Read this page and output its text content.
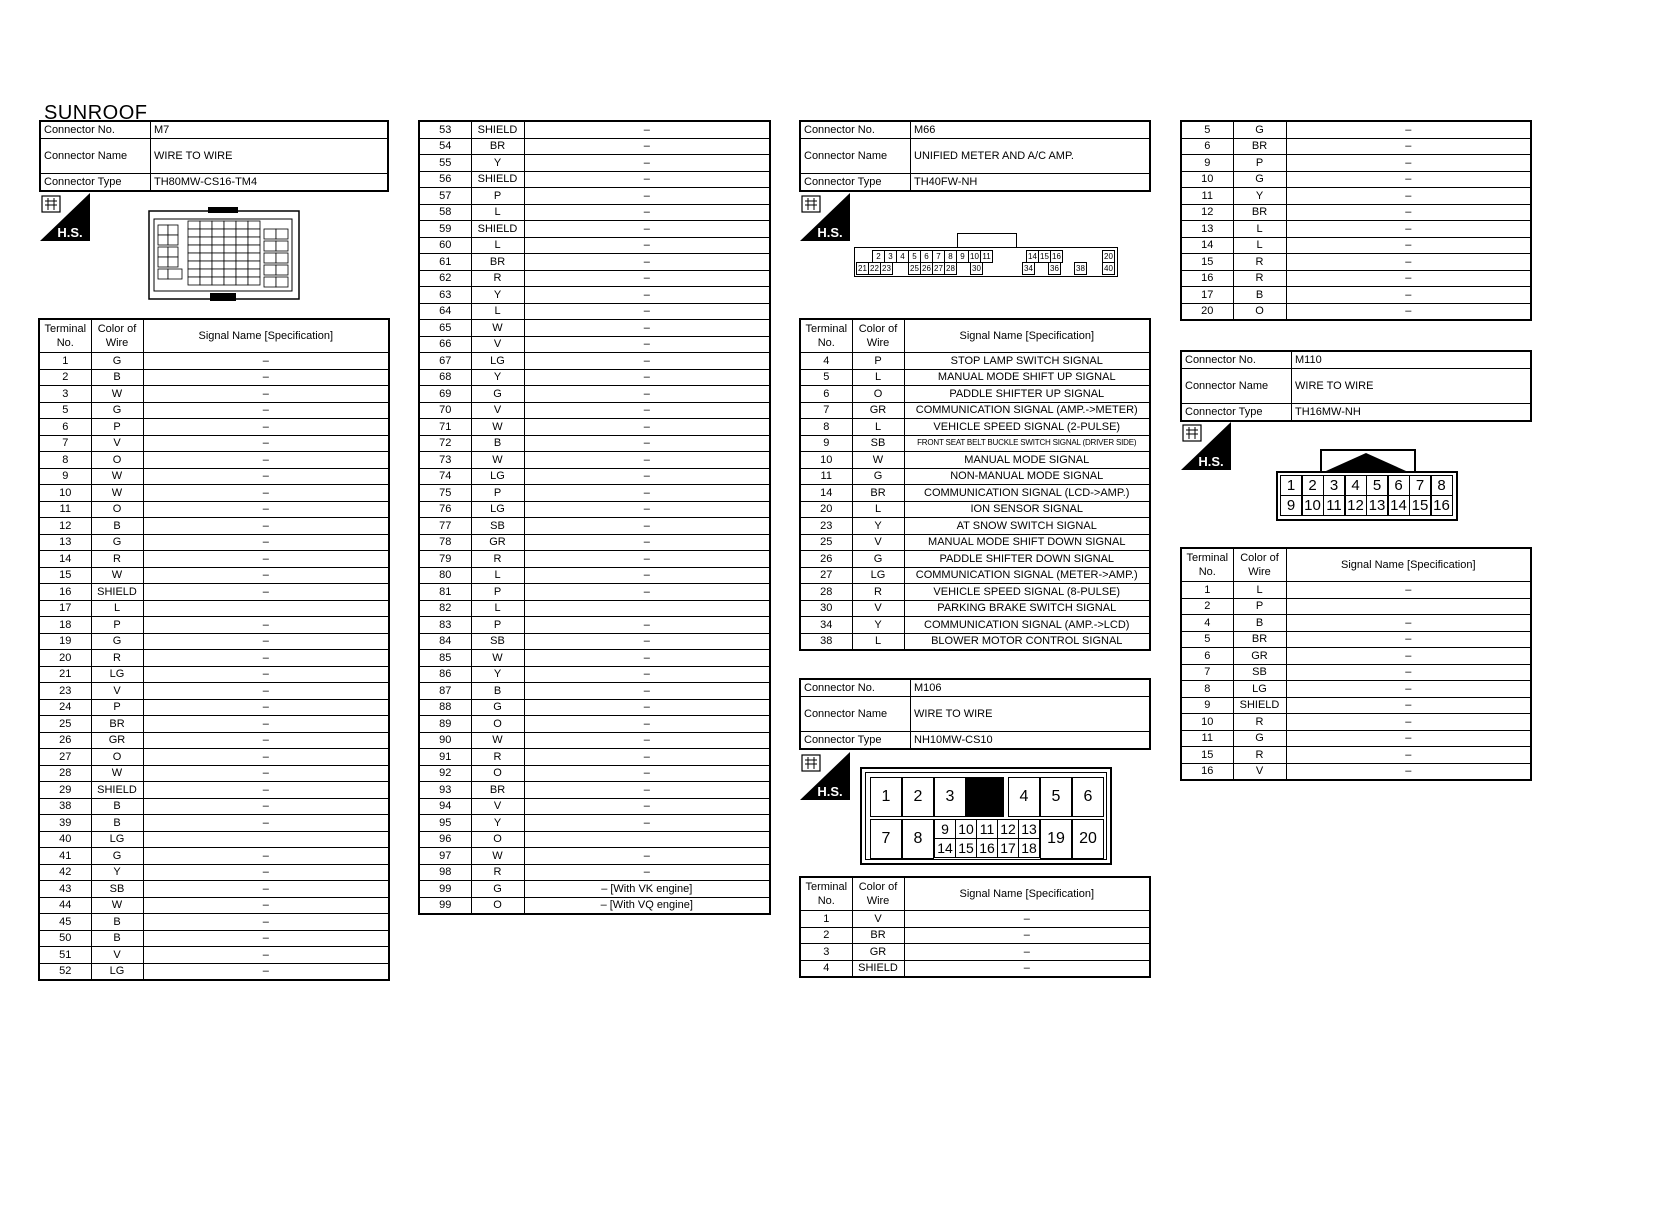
SUNROOF
Connector No.	M7
Connector Name	WIRE TO WIRE
Connector Type	TH80MW-CS16-TM4
H.S.
Terminal No.	Color of Wire	Signal Name [Specification]
1	G	–
2	B	–
3	W	–
5	G	–
6	P	–
7	V	–
8	O	–
9	W	–
10	W	–
11	O	–
12	B	–
13	G	–
14	R	–
15	W	–
16	SHIELD	–
17	L	
18	P	–
19	G	–
20	R	–
21	LG	–
23	V	–
24	P	–
25	BR	–
26	GR	–
27	O	–
28	W	–
29	SHIELD	–
38	B	–
39	B	–
40	LG	
41	G	–
42	Y	–
43	SB	–
44	W	–
45	B	–
50	B	–
51	V	–
52	LG	–
53	SHIELD	–
54	BR	–
55	Y	–
56	SHIELD	–
57	P	–
58	L	–
59	SHIELD	–
60	L	–
61	BR	–
62	R	–
63	Y	–
64	L	–
65	W	–
66	V	–
67	LG	–
68	Y	–
69	G	–
70	V	–
71	W	–
72	B	–
73	W	–
74	LG	–
75	P	–
76	LG	–
77	SB	–
78	GR	–
79	R	–
80	L	–
81	P	–
82	L	
83	P	–
84	SB	–
85	W	–
86	Y	–
87	B	–
88	G	–
89	O	–
90	W	–
91	R	–
92	O	–
93	BR	–
94	V	–
95	Y	–
96	O	
97	W	–
98	R	–
99	G	– [With VK engine]
99	O	– [With VQ engine]
Connector No.	M66
Connector Name	UNIFIED METER AND A/C AMP.
Connector Type	TH40FW-NH
H.S.
2 3 4 5 6 7 8 9 10 11	14 15 16	20
21 22 23 25 26 27 28 30	34 36 38 40
Terminal No.	Color of Wire	Signal Name [Specification]
4	P	STOP LAMP SWITCH SIGNAL
5	L	MANUAL MODE SHIFT UP SIGNAL
6	O	PADDLE SHIFTER UP SIGNAL
7	GR	COMMUNICATION SIGNAL (AMP.->METER)
8	L	VEHICLE SPEED SIGNAL (2-PULSE)
9	SB	FRONT SEAT BELT BUCKLE SWITCH SIGNAL (DRIVER SIDE)
10	W	MANUAL MODE SIGNAL
11	G	NON-MANUAL MODE SIGNAL
14	BR	COMMUNICATION SIGNAL (LCD->AMP.)
20	L	ION SENSOR SIGNAL
23	Y	AT SNOW SWITCH SIGNAL
25	V	MANUAL MODE SHIFT DOWN SIGNAL
26	G	PADDLE SHIFTER DOWN SIGNAL
27	LG	COMMUNICATION SIGNAL (METER->AMP.)
28	R	VEHICLE SPEED SIGNAL (8-PULSE)
30	V	PARKING BRAKE SWITCH SIGNAL
34	Y	COMMUNICATION SIGNAL (AMP.->LCD)
38	L	BLOWER MOTOR CONTROL SIGNAL
Connector No.	M106
Connector Name	WIRE TO WIRE
Connector Type	NH10MW-CS10
H.S.	1	2	3	4	5	6
7	8
9 10 11 12 13
14 15 16 17 18
19 20
Terminal No.	Color of Wire	Signal Name [Specification]
1	V	–
2	BR	–
3	GR	–
4	SHIELD	–
5	G	–
6	BR	–
9	P	–
10	G	–
11	Y	–
12	BR	–
13	L	–
14	L	–
15	R	–
16	R	–
17	B	–
20	O	–
Connector No.	M110
Connector Name	WIRE TO WIRE
Connector Type	TH16MW-NH
H.S.
1 2 3 4 5 6 7 8
9 10 11 12 13 14 15 16
Terminal No.	Color of Wire	Signal Name [Specification]
1	L	–
2	P	
4	B	–
5	BR	–
6	GR	–
7	SB	–
8	LG	–
9	SHIELD	–
10	R	–
11	G	–
15	R	–
16	V	–
